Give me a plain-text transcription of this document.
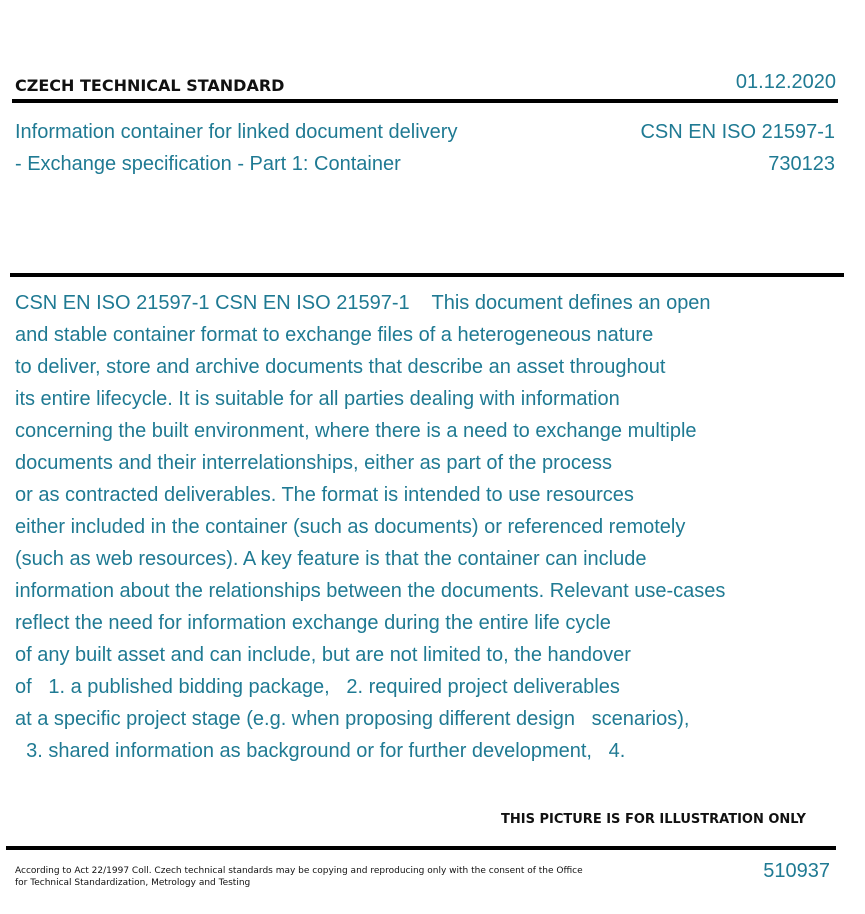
CZECH TECHNICAL STANDARD	01.12.2020
Information container for linked document delivery
- Exchange specification - Part 1: Container
CSN EN ISO 21597-1
730123
CSN EN ISO 21597-1 CSN EN ISO 21597-1    This document defines an open
and stable container format to exchange files of a heterogeneous nature
to deliver, store and archive documents that describe an asset throughout
its entire lifecycle. It is suitable for all parties dealing with information
concerning the built environment, where there is a need to exchange multiple
documents and their interrelationships, either as part of the process
or as contracted deliverables. The format is intended to use resources
either included in the container (such as documents) or referenced remotely
(such as web resources). A key feature is that the container can include
information about the relationships between the documents. Relevant use-cases
reflect the need for information exchange during the entire life cycle
of any built asset and can include, but are not limited to, the handover
of   1. a published bidding package,   2. required project deliverables
at a specific project stage (e.g. when proposing different design   scenarios),
3. shared information as background or for further development,   4.
THIS PICTURE IS FOR ILLUSTRATION ONLY
According to Act 22/1997 Coll. Czech technical standards may be copying and reproducing only with the consent of the Office
for Technical Standardization, Metrology and Testing
510937
